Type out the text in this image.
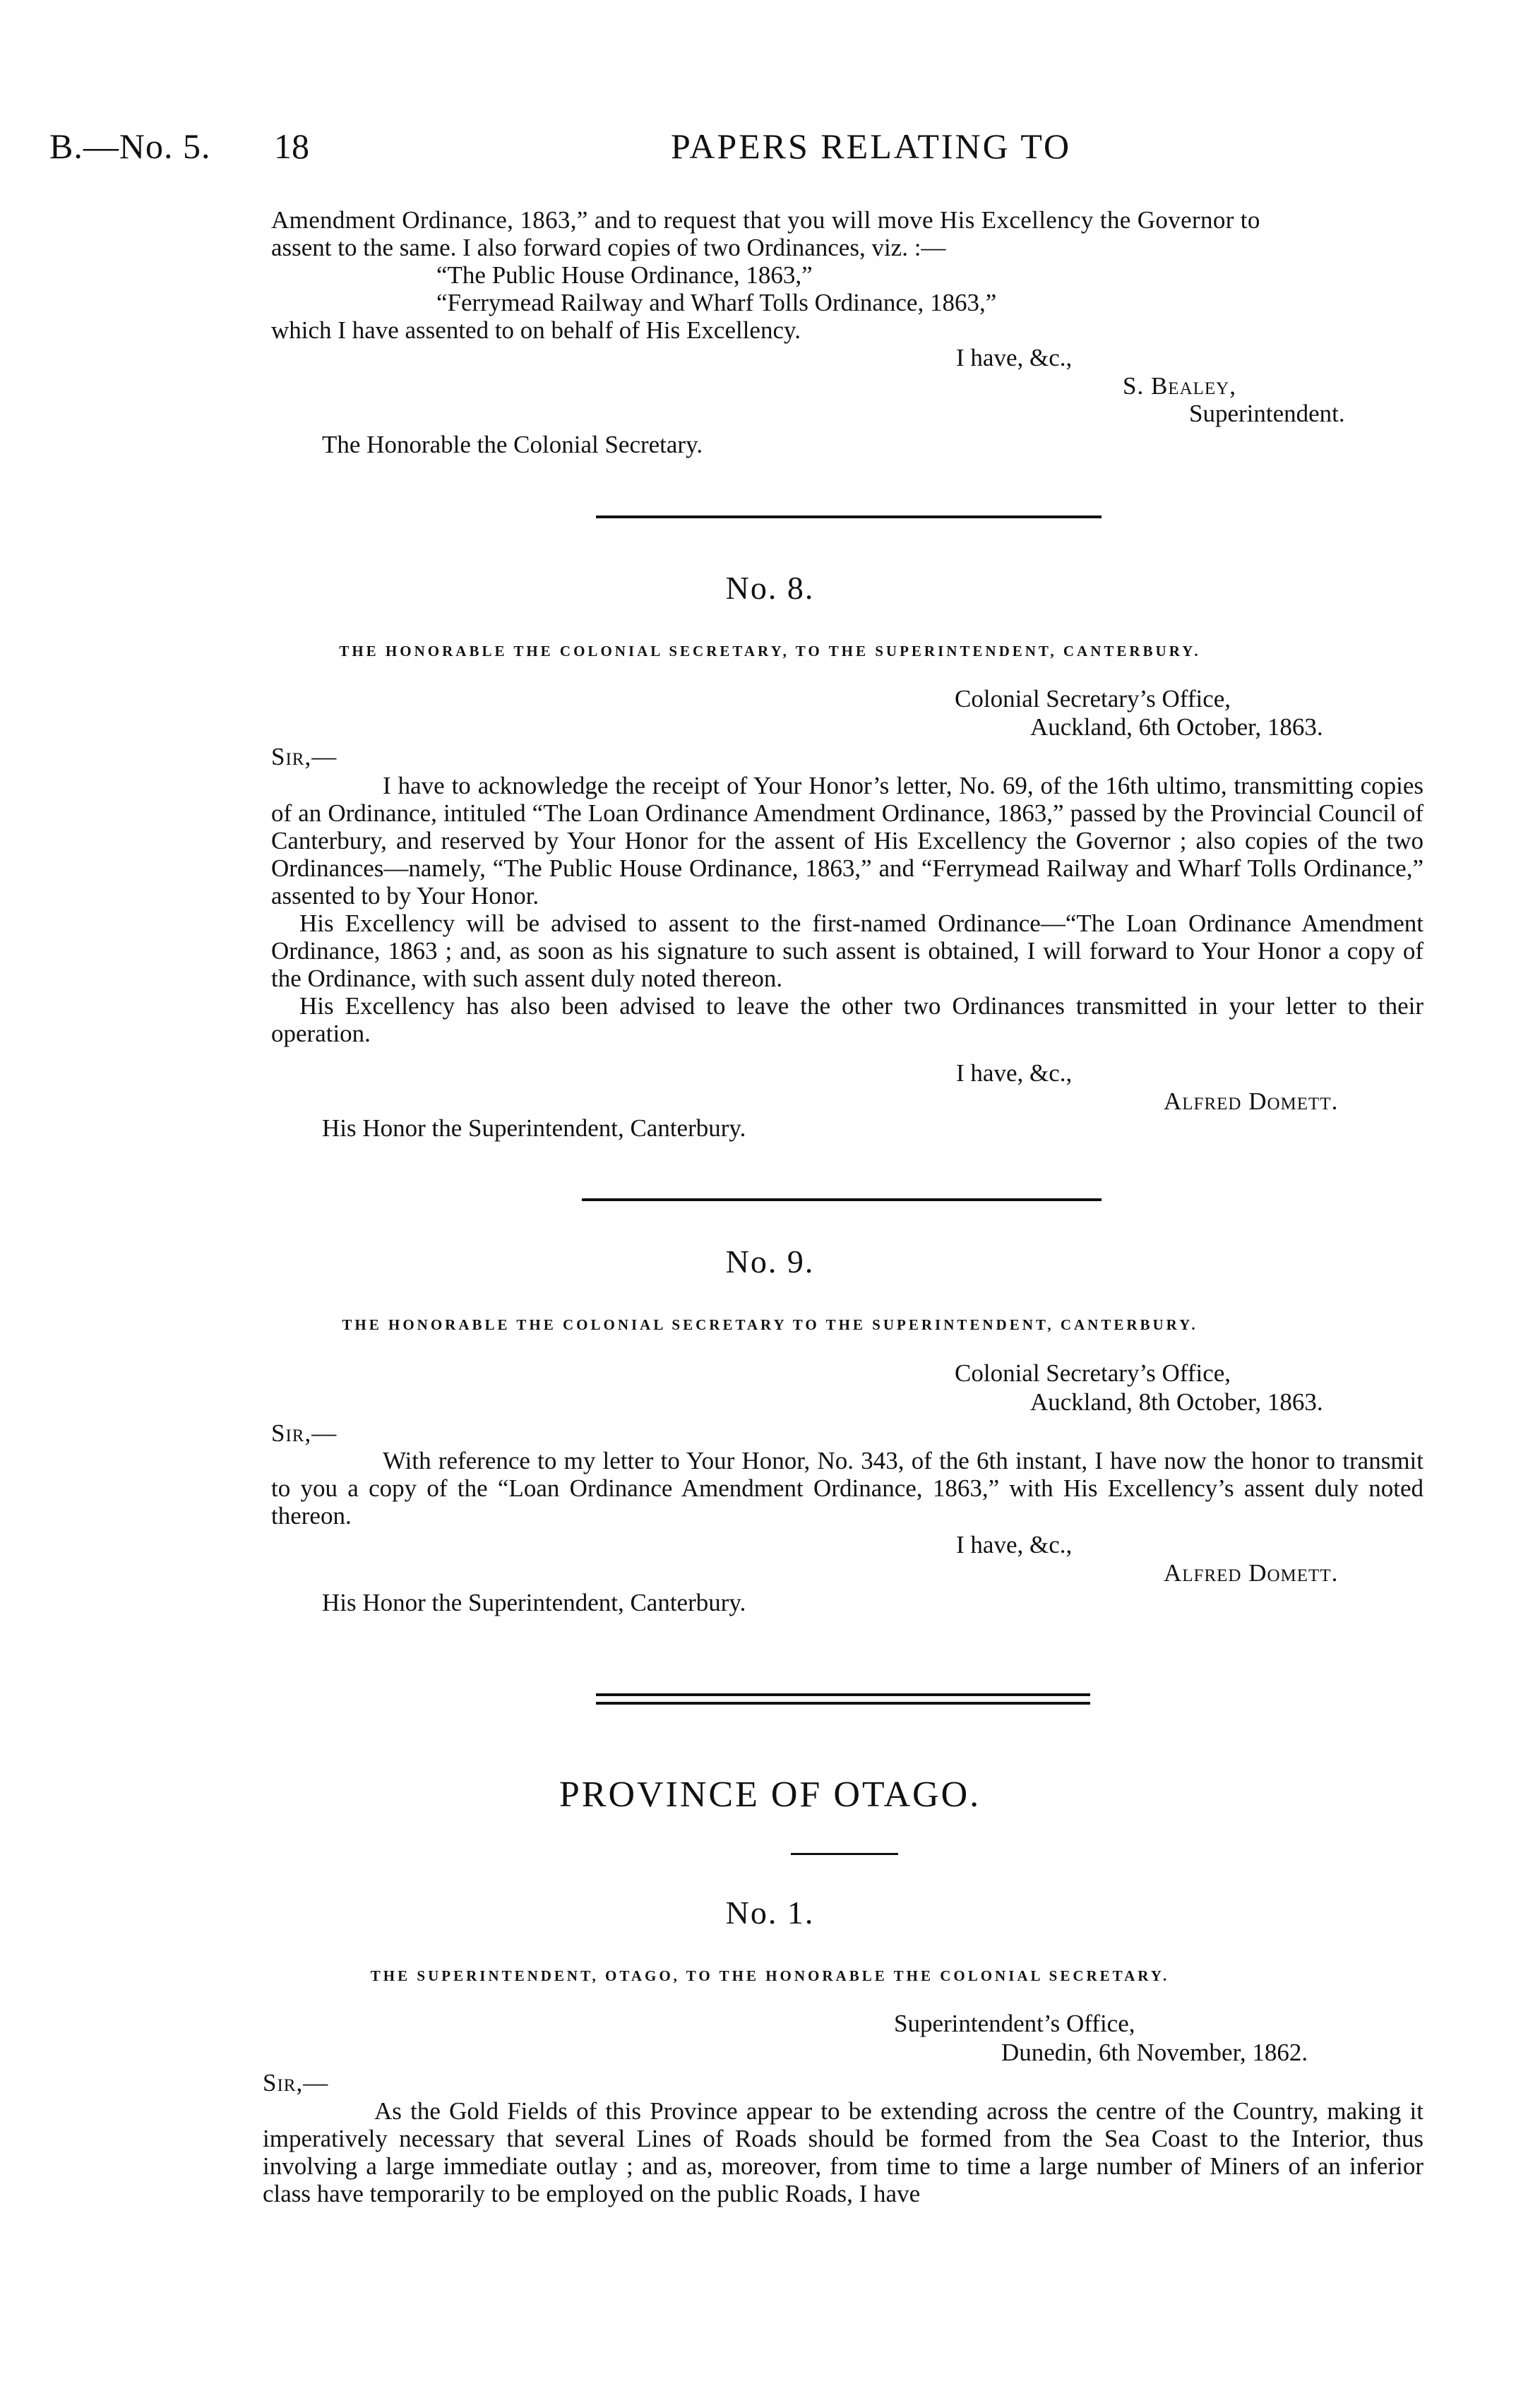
B.—No. 5. 18	PAPERS RELATING TO
Amendment Ordinance, 1863,” and to request that you will move His Excellency the Governor to
assent to the same. I also forward copies of two Ordinances, viz. :—
“The Public House Ordinance, 1863,”
“Ferrymead Railway and Wharf Tolls Ordinance, 1863,”
which I have assented to on behalf of His Excellency.
I have, &c.,
S. Bealey,
Superintendent.
The Honorable the Colonial Secretary.
No. 8.
THE HONORABLE THE COLONIAL SECRETARY, TO THE SUPERINTENDENT, CANTERBURY.
Colonial Secretary’s Office,
Auckland, 6th October, 1863.
Sir,—

I have to acknowledge the receipt of Your Honor’s letter, No. 69, of the 16th ultimo, transmitting copies of an Ordinance, intituled “The Loan Ordinance Amendment Ordinance, 1863,” passed by the Provincial Council of Canterbury, and reserved by Your Honor for the assent of His Excellency the Governor ; also copies of the two Ordinances—namely, “The Public House Ordinance, 1863,” and “Ferrymead Railway and Wharf Tolls Ordinance,” assented to by Your Honor.

His Excellency will be advised to assent to the first-named Ordinance—“The Loan Ordinance Amendment Ordinance, 1863 ; and, as soon as his signature to such assent is obtained, I will forward to Your Honor a copy of the Ordinance, with such assent duly noted thereon.

His Excellency has also been advised to leave the other two Ordinances transmitted in your letter to their operation.

I have, &c.,
Alfred Domett.
His Honor the Superintendent, Canterbury.
No. 9.
THE HONORABLE THE COLONIAL SECRETARY TO THE SUPERINTENDENT, CANTERBURY.
Colonial Secretary’s Office,
Auckland, 8th October, 1863.
Sir,—

With reference to my letter to Your Honor, No. 343, of the 6th instant, I have now the honor to transmit to you a copy of the “Loan Ordinance Amendment Ordinance, 1863,” with His Excellency’s assent duly noted thereon.

I have, &c.,
Alfred Domett.
His Honor the Superintendent, Canterbury.
PROVINCE OF OTAGO.
No. 1.
THE SUPERINTENDENT, OTAGO, TO THE HONORABLE THE COLONIAL SECRETARY.
Superintendent’s Office,
Dunedin, 6th November, 1862.
Sir,—

As the Gold Fields of this Province appear to be extending across the centre of the Country, making it imperatively necessary that several Lines of Roads should be formed from the Sea Coast to the Interior, thus involving a large immediate outlay ; and as, moreover, from time to time a large number of Miners of an inferior class have temporarily to be employed on the public Roads, I have
